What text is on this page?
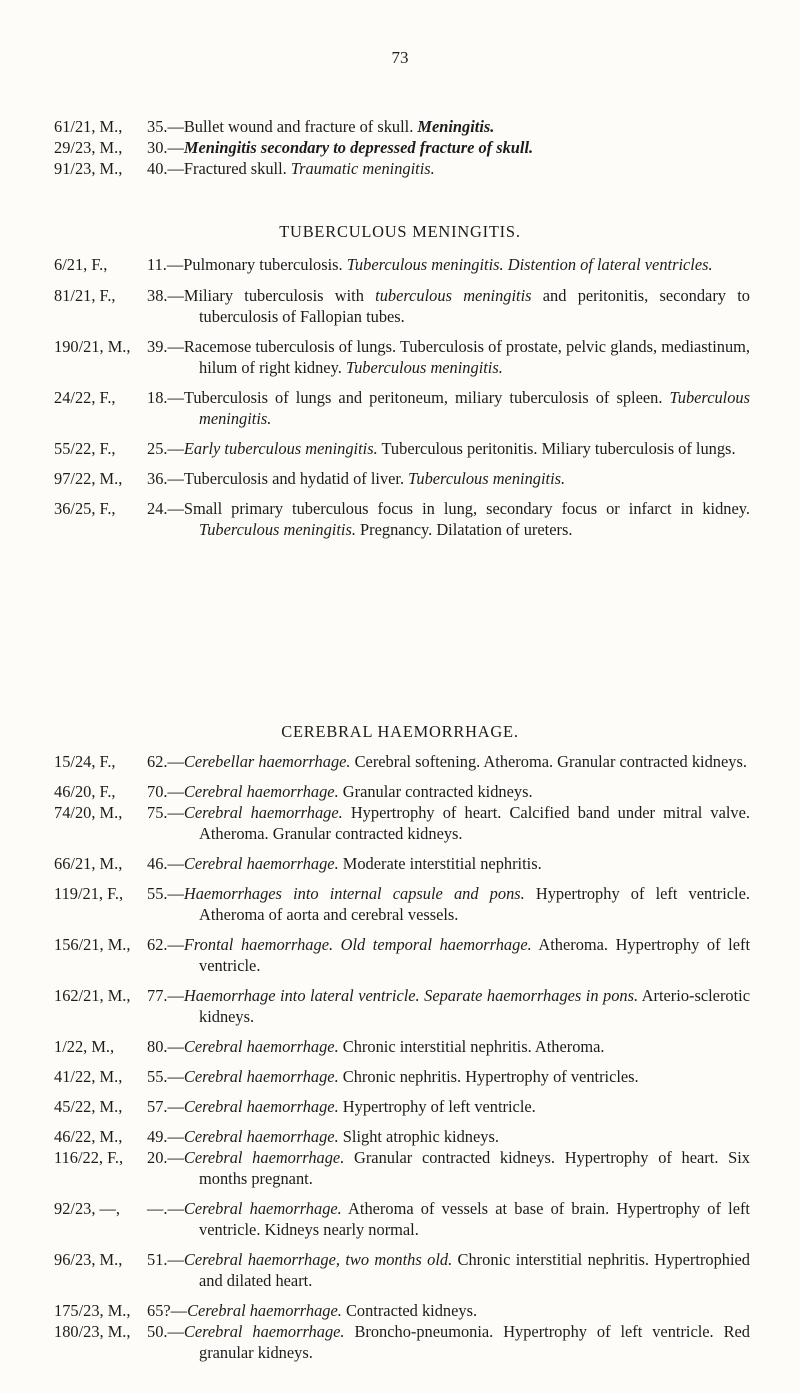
73
61/21, M., 35.—Bullet wound and fracture of skull. Meningitis.
29/23, M., 30.—Meningitis secondary to depressed fracture of skull.
91/23, M., 40.—Fractured skull. Traumatic meningitis.
TUBERCULOUS MENINGITIS.
6/21, F., 11.—Pulmonary tuberculosis. Tuberculous meningitis. Distention of lateral ventricles.
81/21, F., 38.—Miliary tuberculosis with tuberculous meningitis and peritonitis, secondary to tuberculosis of Fallopian tubes.
190/21, M., 39.—Racemose tuberculosis of lungs. Tuberculosis of prostate, pelvic glands, mediastinum, hilum of right kidney. Tuberculous meningitis.
24/22, F., 18.—Tuberculosis of lungs and peritoneum, miliary tuberculosis of spleen. Tuberculous meningitis.
55/22, F., 25.—Early tuberculous meningitis. Tuberculous peritonitis. Miliary tuberculosis of lungs.
97/22, M., 36.—Tuberculosis and hydatid of liver. Tuberculous meningitis.
36/25, F., 24.—Small primary tuberculous focus in lung, secondary focus or infarct in kidney. Tuberculous meningitis. Pregnancy. Dilatation of ureters.
CEREBRAL HAEMORRHAGE.
15/24, F., 62.—Cerebellar haemorrhage. Cerebral softening. Atheroma. Granular contracted kidneys.
46/20, F., 70.—Cerebral haemorrhage. Granular contracted kidneys.
74/20, M., 75.—Cerebral haemorrhage. Hypertrophy of heart. Calcified band under mitral valve. Atheroma. Granular contracted kidneys.
66/21, M., 46.—Cerebral haemorrhage. Moderate interstitial nephritis.
119/21, F., 55.—Haemorrhages into internal capsule and pons. Hypertrophy of left ventricle. Atheroma of aorta and cerebral vessels.
156/21, M., 62.—Frontal haemorrhage. Old temporal haemorrhage. Atheroma. Hypertrophy of left ventricle.
162/21, M., 77.—Haemorrhage into lateral ventricle. Separate haemorrhages in pons. Arterio-sclerotic kidneys.
1/22, M., 80.—Cerebral haemorrhage. Chronic interstitial nephritis. Atheroma.
41/22, M., 55.—Cerebral haemorrhage. Chronic nephritis. Hypertrophy of ventricles.
45/22, M., 57.—Cerebral haemorrhage. Hypertrophy of left ventricle.
46/22, M., 49.—Cerebral haemorrhage. Slight atrophic kidneys.
116/22, F., 20.—Cerebral haemorrhage. Granular contracted kidneys. Hypertrophy of heart. Six months pregnant.
92/23, —, —.—Cerebral haemorrhage. Atheroma of vessels at base of brain. Hypertrophy of left ventricle. Kidneys nearly normal.
96/23, M., 51.—Cerebral haemorrhage, two months old. Chronic interstitial nephritis. Hypertrophied and dilated heart.
175/23, M., 65?—Cerebral haemorrhage. Contracted kidneys.
180/23, M., 50.—Cerebral haemorrhage. Broncho-pneumonia. Hypertrophy of left ventricle. Red granular kidneys.
